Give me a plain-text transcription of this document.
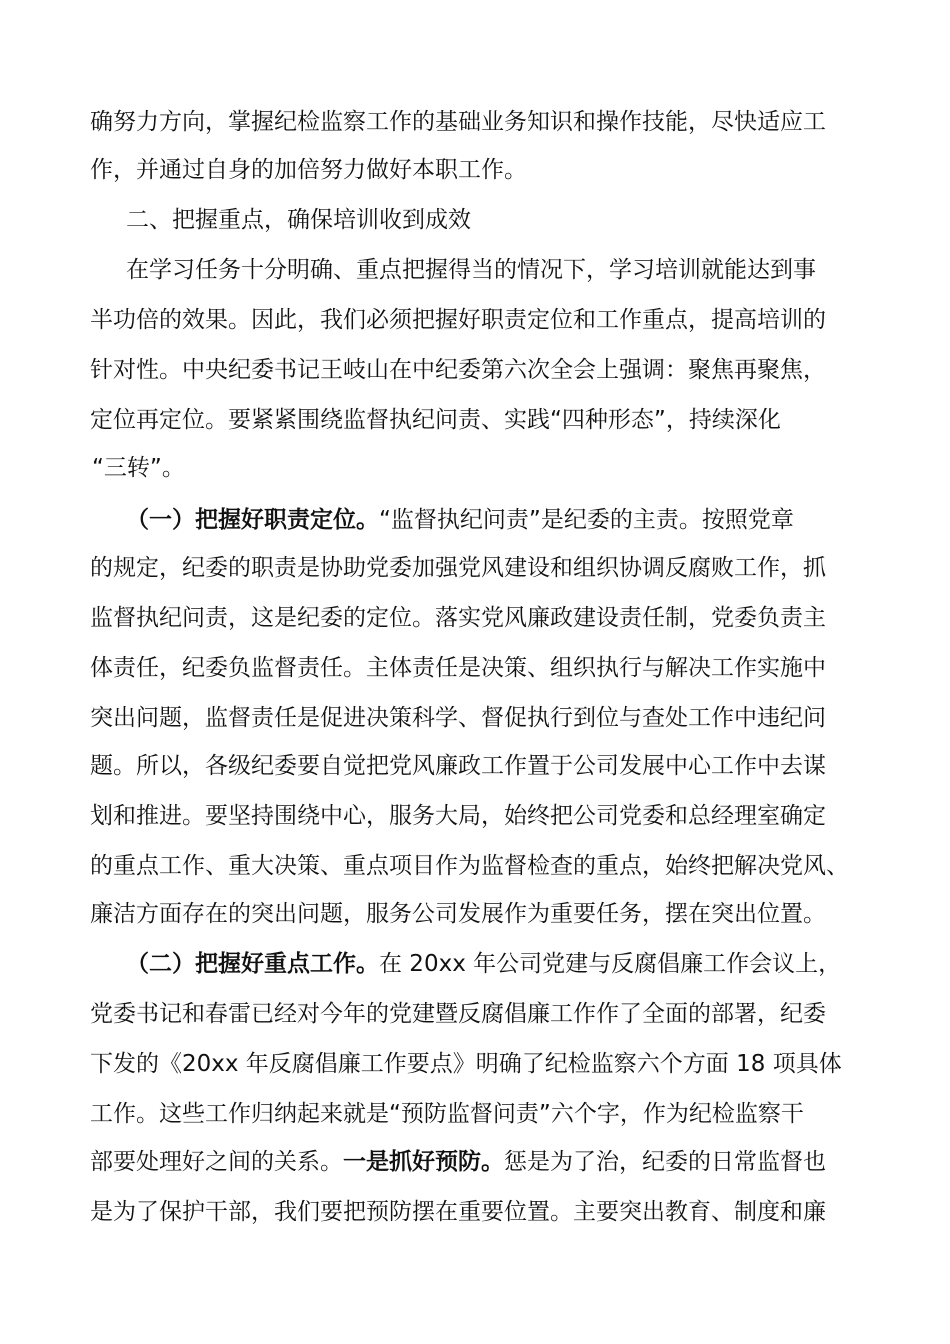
确努力方向，掌握纪检监察工作的基础业务知识和操作技能，尽快适应工
作，并通过自身的加倍努力做好本职工作。
二、把握重点，确保培训收到成效
在学习任务十分明确、重点把握得当的情况下，学习培训就能达到事
半功倍的效果。因此，我们必须把握好职责定位和工作重点，提高培训的
针对性。中央纪委书记王岐山在中纪委第六次全会上强调：聚焦再聚焦，
定位再定位。要紧紧围绕监督执纪问责、实践“四种形态”，持续深化
“三转”。
（一）把握好职责定位。“监督执纪问责”是纪委的主责。按照党章
的规定，纪委的职责是协助党委加强党风建设和组织协调反腐败工作，抓
监督执纪问责，这是纪委的定位。落实党风廉政建设责任制，党委负责主
体责任，纪委负监督责任。主体责任是决策、组织执行与解决工作实施中
突出问题，监督责任是促进决策科学、督促执行到位与查处工作中违纪问
题。所以，各级纪委要自觉把党风廉政工作置于公司发展中心工作中去谋
划和推进。要坚持围绕中心，服务大局，始终把公司党委和总经理室确定
的重点工作、重大决策、重点项目作为监督检查的重点，始终把解决党风、
廉洁方面存在的突出问题，服务公司发展作为重要任务，摆在突出位置。
（二）把握好重点工作。在 20xx 年公司党建与反腐倡廉工作会议上，
党委书记和春雷已经对今年的党建暨反腐倡廉工作作了全面的部署，纪委
下发的《20xx 年反腐倡廉工作要点》明确了纪检监察六个方面 18 项具体
工作。这些工作归纳起来就是“预防监督问责”六个字，作为纪检监察干
部要处理好之间的关系。一是抓好预防。惩是为了治，纪委的日常监督也
是为了保护干部，我们要把预防摆在重要位置。主要突出教育、制度和廉
